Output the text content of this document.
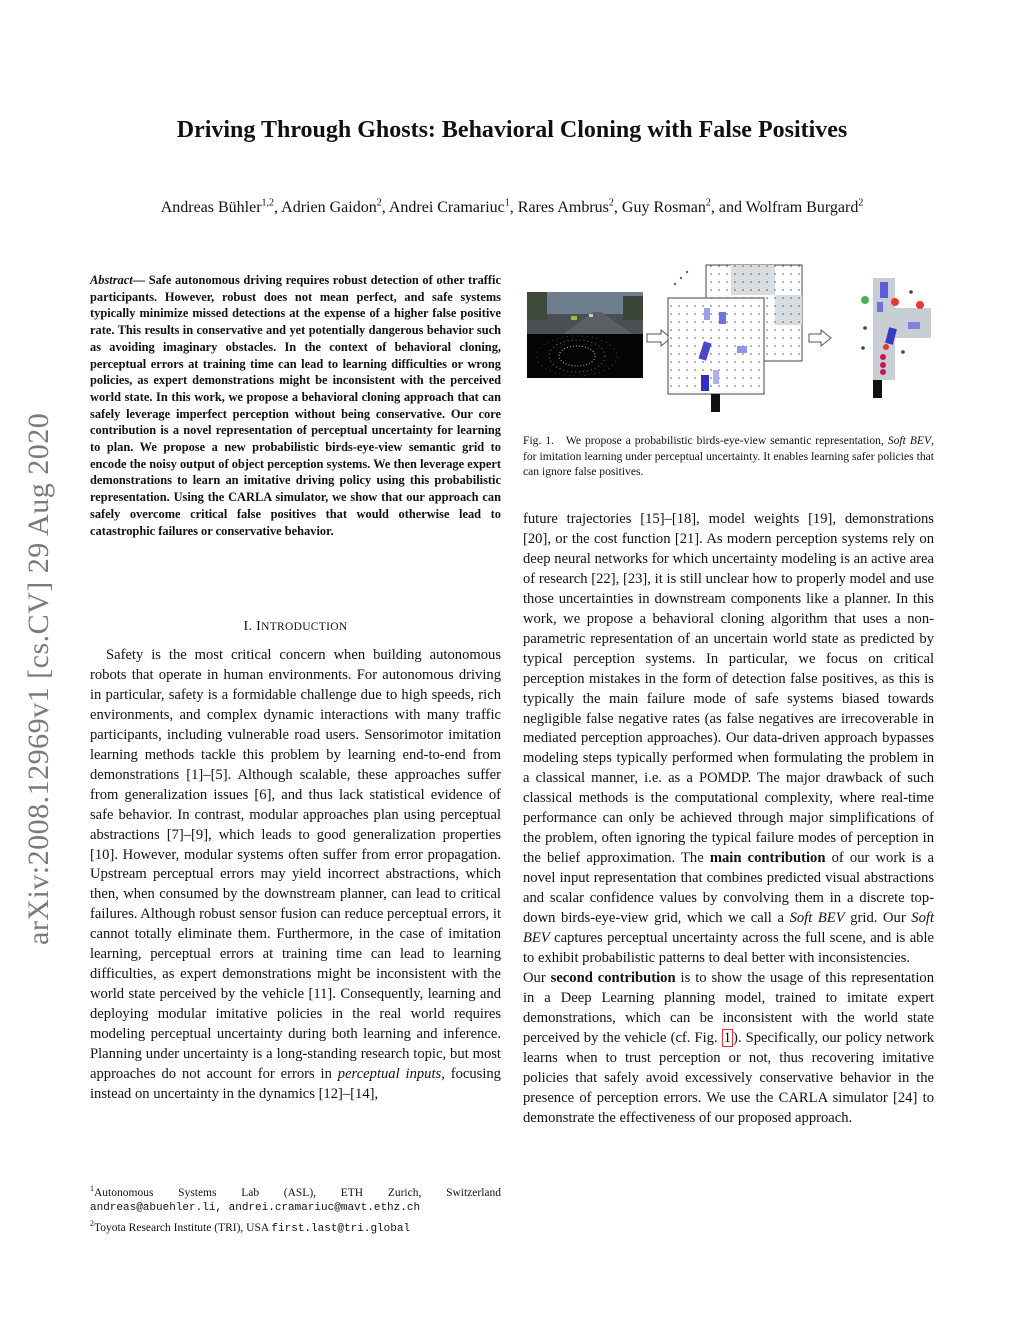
arXiv:2008.12969v1 [cs.CV] 29 Aug 2020
Driving Through Ghosts: Behavioral Cloning with False Positives
Andreas Bühler$^{1,2}$, Adrien Gaidon$^2$, Andrei Cramariuc$^1$, Rares Ambrus$^2$, Guy Rosman$^2$, and Wolfram Burgard$^2$
Abstract— Safe autonomous driving requires robust detection of other traffic participants. However, robust does not mean perfect, and safe systems typically minimize missed detections at the expense of a higher false positive rate. This results in conservative and yet potentially dangerous behavior such as avoiding imaginary obstacles. In the context of behavioral cloning, perceptual errors at training time can lead to learning difficulties or wrong policies, as expert demonstrations might be inconsistent with the perceived world state. In this work, we propose a behavioral cloning approach that can safely leverage imperfect perception without being conservative. Our core contribution is a novel representation of perceptual uncertainty for learning to plan. We propose a new probabilistic birds-eye-view semantic grid to encode the noisy output of object perception systems. We then leverage expert demonstrations to learn an imitative driving policy using this probabilistic representation. Using the CARLA simulator, we show that our approach can safely overcome critical false positives that would otherwise lead to catastrophic failures or conservative behavior.
I. INTRODUCTION

Safety is the most critical concern when building autonomous robots that operate in human environments. For autonomous driving in particular, safety is a formidable challenge due to high speeds, rich environments, and complex dynamic interactions with many traffic participants, including vulnerable road users. Sensorimotor imitation learning methods tackle this problem by learning end-to-end from demonstrations [1]–[5]. Although scalable, these approaches suffer from generalization issues [6], and thus lack statistical evidence of safe behavior. In contrast, modular approaches plan using perceptual abstractions [7]–[9], which leads to good generalization properties [10]. However, modular systems often suffer from error propagation. Upstream perceptual errors may yield incorrect abstractions, which then, when consumed by the downstream planner, can lead to critical failures. Although robust sensor fusion can reduce perceptual errors, it cannot totally eliminate them. Furthermore, in the case of imitation learning, perceptual errors at training time can lead to learning difficulties, as expert demonstrations might be inconsistent with the world state perceived by the vehicle [11]. Consequently, learning and deploying modular imitative policies in the real world requires modeling perceptual uncertainty during both learning and inference. Planning under uncertainty is a long-standing research topic, but most approaches do not account for errors in perceptual inputs, focusing instead on uncertainty in the dynamics [12]–[14],

$^1$Autonomous Systems Lab (ASL), ETH Zurich, Switzerland
andreas@abuehler.li, andrei.cramariuc@mavt.ethz.ch
$^2$Toyota Research Institute (TRI), USA first.last@tri.global
Fig. 1. We propose a probabilistic birds-eye-view semantic representation, Soft BEV, for imitation learning under perceptual uncertainty. It enables learning safer policies that can ignore false positives.

future trajectories [15]–[18], model weights [19], demonstrations [20], or the cost function [21]. As modern perception systems rely on deep neural networks for which uncertainty modeling is an active area of research [22], [23], it is still unclear how to properly model and use those uncertainties in downstream components like a planner. In this work, we propose a behavioral cloning algorithm that uses a non-parametric representation of an uncertain world state as predicted by typical perception systems. In particular, we focus on critical perception mistakes in the form of detection false positives, as this is typically the main failure mode of safe systems biased towards negligible false negative rates (as false negatives are irrecoverable in mediated perception approaches). Our data-driven approach bypasses modeling steps typically performed when formulating the problem in a classical manner, i.e. as a POMDP. The major drawback of such classical methods is the computational complexity, where real-time performance can only be achieved through major simplifications of the problem, often ignoring the typical failure modes of perception in the belief approximation. The main contribution of our work is a novel input representation that combines predicted visual abstractions and scalar confidence values by convolving them in a discrete top-down birds-eye-view grid, which we call a Soft BEV grid. Our Soft BEV captures perceptual uncertainty across the full scene, and is able to exhibit probabilistic patterns to deal better with inconsistencies.

Our second contribution is to show the usage of this representation in a Deep Learning planning model, trained to imitate expert demonstrations, which can be inconsistent with the world state perceived by the vehicle (cf. Fig. 1 ). Specifically, our policy network learns when to trust perception or not, thus recovering imitative policies that safely avoid excessively conservative behavior in the presence of perception errors. We use the CARLA simulator [24] to demonstrate the effectiveness of our proposed approach.
